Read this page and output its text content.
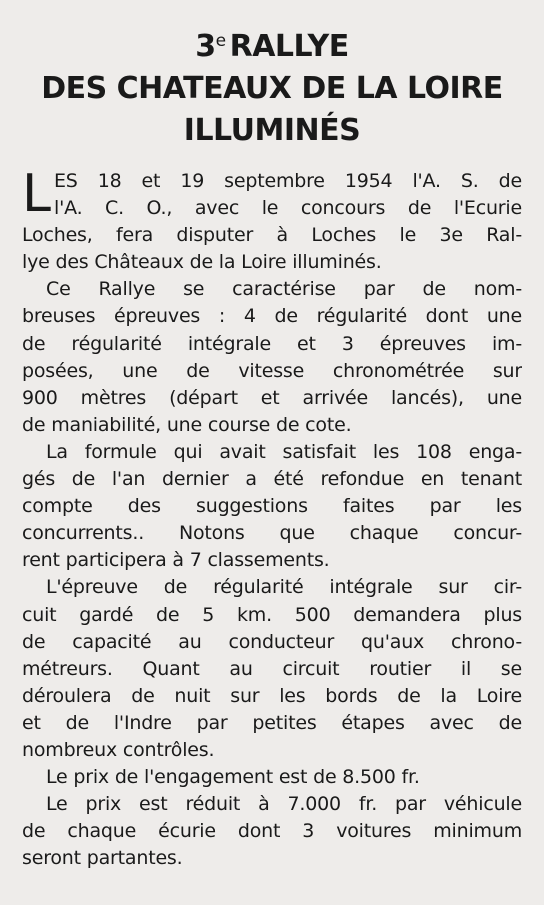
3e RALLYE
DES CHATEAUX DE LA LOIRE
ILLUMINÉS
L ES 18 et 19 septembre 1954 l'A. S. de
l'A. C. O., avec le concours de l'Ecurie
Loches, fera disputer à Loches le 3e Ral-
lye des Châteaux de la Loire illuminés.
Ce Rallye se caractérise par de nom-
breuses épreuves : 4 de régularité dont une
de régularité intégrale et 3 épreuves im-
posées, une de vitesse chronométrée sur
900 mètres (départ et arrivée lancés), une
de maniabilité, une course de cote.
La formule qui avait satisfait les 108 enga-
gés de l'an dernier a été refondue en tenant
compte des suggestions faites par les
concurrents.. Notons que chaque concur-
rent participera à 7 classements.
L'épreuve de régularité intégrale sur cir-
cuit gardé de 5 km. 500 demandera plus
de capacité au conducteur qu'aux chrono-
métreurs. Quant au circuit routier il se
déroulera de nuit sur les bords de la Loire
et de l'Indre par petites étapes avec de
nombreux contrôles.
Le prix de l'engagement est de 8.500 fr.
Le prix est réduit à 7.000 fr. par véhicule
de chaque écurie dont 3 voitures minimum
seront partantes.
